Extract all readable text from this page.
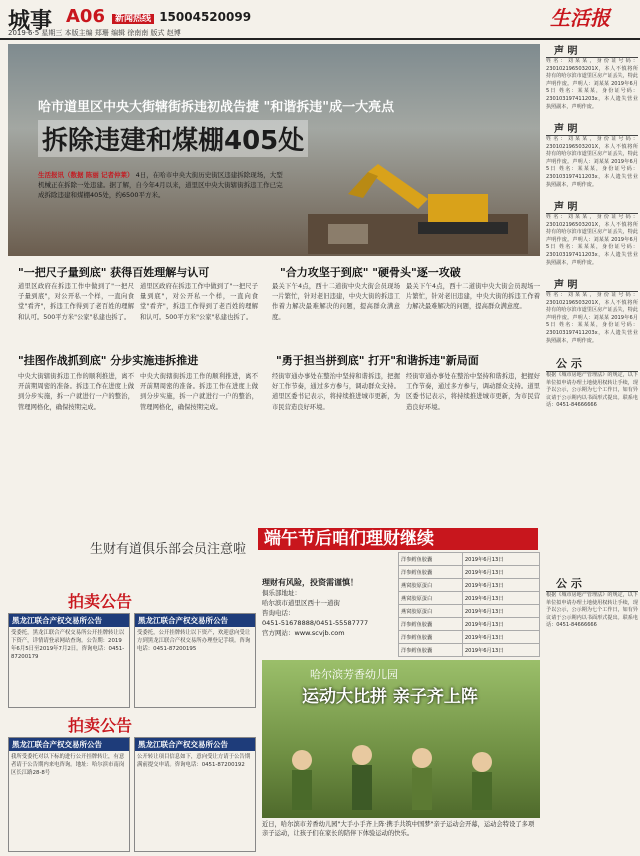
城事 A06	新闻热线 15004520099
2019·6·5 星期三 本版主编 郑珊 编辑 徐南南 版式 赵博
生活报
哈市道里区中央大街辖街拆违初战告捷 "和谐拆违"成一大亮点
拆除违建和煤棚405处
生活报讯（数据 陈丽 记者仲莱） 4日，在哈市中央大街历史街区违建拆除现场，大型机械正在拆除一处违建。据了解，自今年4月以来，道里区中央大街辖街拆违工作已完成拆除违建和煤棚405处，约6500平方米。
"一把尺子量到底" 获得百姓理解与认可
道里区政府在拆违工作中做到了"一把尺子量到底"，对公开私一个样，一直向食堂"看齐"，拆违工作得到了老百姓的理解和认可。500平方米"公家"私建也拆了。
道里区政府在拆违工作中做到了"一把尺子量到底"，对公开私一个样，一直向食堂"看齐"，拆违工作得到了老百姓的理解和认可。500平方米"公家"私建也拆了。
"挂图作战抓到底" 分步实施违拆推进
中央大街辖街拆违工作的顺利推进，离不开前期周密的准备。拆违工作在进度上做到分步实施，拆一户就进行一户的整治，管理网格化，确保按期完成。
中央大街辖街拆违工作的顺利推进，离不开前期周密的准备。拆违工作在进度上做到分步实施，拆一户就进行一户的整治，管理网格化，确保按期完成。
"合力攻坚于到底" "硬骨头"逐一攻破
最关下午4点，西十二道街中央大街会员现场一片繁忙，针对老旧违建，中央大街的拆违工作着力解决最难解决的问题，提高群众满意度。
最关下午4点，西十二道街中央大街会员现场一片繁忙，针对老旧违建，中央大街的拆违工作着力解决最难解决的问题，提高群众满意度。
"勇于担当拼到底" 打开"和谐拆违"新局面
经街审通办事处在整治中坚持和谐拆违，把握好工作节奏，通过多方参与，调动群众支持。道里区委书记表示，将持续推进城市更新，为市民营造良好环境。
经街审通办事处在整治中坚持和谐拆违，把握好工作节奏，通过多方参与，调动群众支持。道里区委书记表示，将持续推进城市更新，为市民营造良好环境。
生财有道俱乐部会员注意啦
端午节后咱们理财继续
理财有风险，投资需谨慎！
俱乐部地址：
哈尔滨市道里区西十一道街
咨询电话：
0451-51678888/0451-55587777
官方网站：www.scvjb.com
洋参鳕鱼胶囊	2019年6月13日
洋参鳕鱼胶囊	2019年6月13日
燕窝胶原蛋白	2019年6月13日
燕窝胶原蛋白	2019年6月13日
燕窝胶原蛋白	2019年6月13日
洋参鳕鱼胶囊	2019年6月13日
洋参鳕鱼胶囊	2019年6月13日
洋参鳕鱼胶囊	2019年6月13日
哈尔滨芳香幼儿园
运动大比拼 亲子齐上阵
近日，哈尔滨市芳香幼儿园"大手小手齐上阵·携手共筑中国梦"亲子运动会开幕，运动会特设了多项亲子运动，让孩子们在家长的陪伴下体验运动的快乐。
拍卖公告
黑龙江联合产权交易所公告
受委托，黑龙江联合产权交易所公开挂牌转让以下资产，详情请登录网站查询。公告期：2019年6月5日至2019年7月2日。咨询电话：0451-87200179
黑龙江联合产权交易所公告
受委托，公开挂牌转让以下资产，欢迎意向受让方到黑龙江联合产权交易所办理登记手续。咨询电话：0451-87200195
拍卖公告
黑龙江联合产权交易所公告
我所受委托对以下标的进行公开挂牌转让，有意者请于公告期内来电咨询。地址：哈尔滨市南岗区长江路28-8号
黑龙江联合产权交易所公告
公开转让项目信息如下，意向受让方请于公告期满前提交申请。咨询电话：0451-87200192
声 明
姓名：刘某某，身份证号码：230102196503201X，本人不慎将所持有的哈尔滨市道里区房产证丢失，特此声明作废。声明人：刘某某 2019年6月5日 姓名：某某某，身份证号码：230103197411203x，本人遗失营业执照副本，声明作废。
声 明
姓名：刘某某，身份证号码：230102196503201X，本人不慎将所持有的哈尔滨市道里区房产证丢失，特此声明作废。声明人：刘某某 2019年6月5日 姓名：某某某，身份证号码：230103197411203x，本人遗失营业执照副本，声明作废。
声 明
姓名：刘某某，身份证号码：230102196503201X，本人不慎将所持有的哈尔滨市道里区房产证丢失，特此声明作废。声明人：刘某某 2019年6月5日 姓名：某某某，身份证号码：230103197411203x，本人遗失营业执照副本，声明作废。
声 明
姓名：刘某某，身份证号码：230102196503201X，本人不慎将所持有的哈尔滨市道里区房产证丢失，特此声明作废。声明人：刘某某 2019年6月5日 姓名：某某某，身份证号码：230103197411203x，本人遗失营业执照副本，声明作废。
公 示
根据《城市房地产管理法》的规定，以下单位拟申请办理土地使用权转让手续，现予以公示，公示期为七个工作日，如有异议请于公示期内以书面形式提出。联系电话：0451-84666666
公 示
根据《城市房地产管理法》的规定，以下单位拟申请办理土地使用权转让手续，现予以公示，公示期为七个工作日，如有异议请于公示期内以书面形式提出。联系电话：0451-84666666
